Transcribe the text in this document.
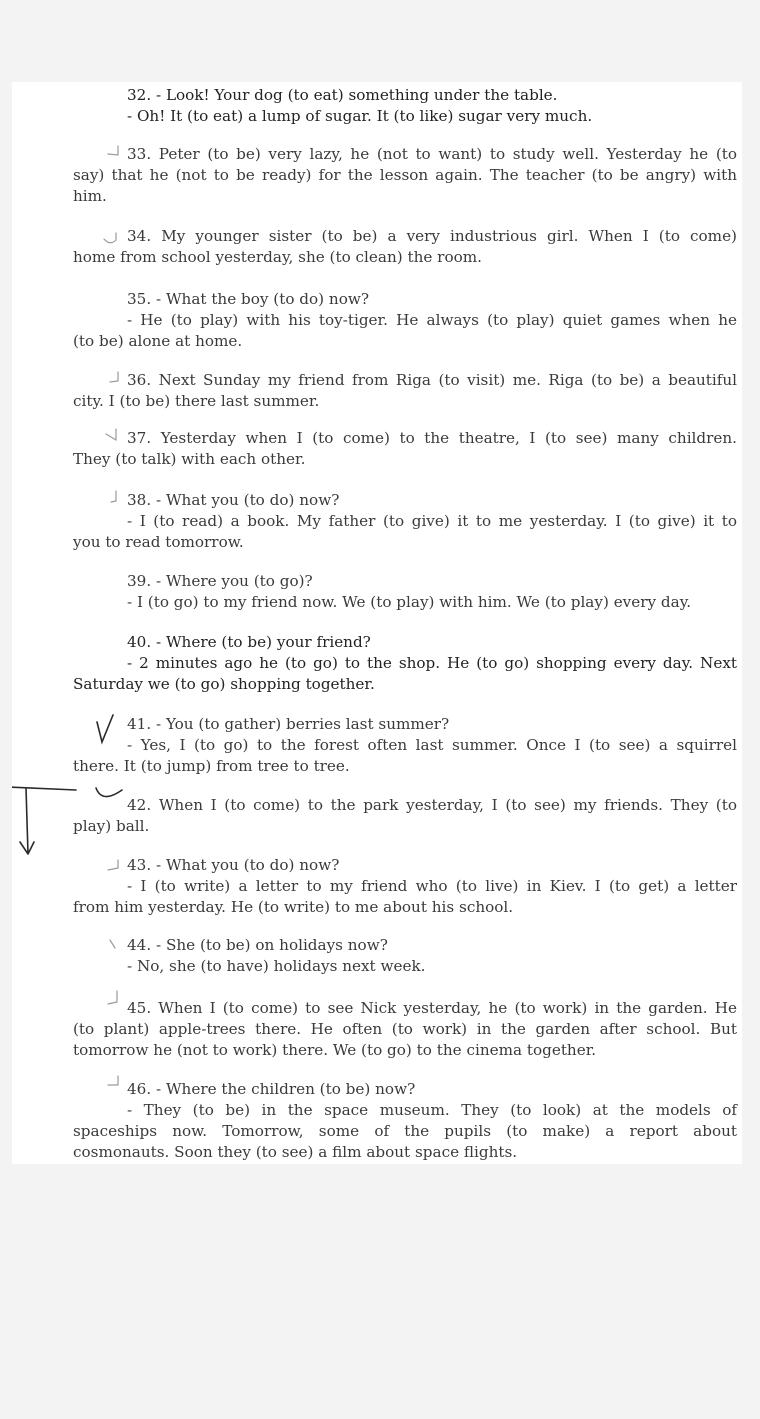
32. - Look! Your dog (to eat) something under the table.
- Oh! It (to eat) a lump of sugar. It (to like) sugar very much.
33. Peter (to be) very lazy, he (not to want) to study well. Yesterday he (to
say) that he (not to be ready) for the lesson again. The teacher (to be angry) with
him.
34. My younger sister (to be) a very industrious girl. When I (to come)
home from school yesterday, she (to clean) the room.
35. - What the boy (to do) now?
- He (to play) with his toy-tiger. He always (to play) quiet games when he
(to be) alone at home.
36. Next Sunday my friend from Riga (to visit) me. Riga (to be) a beautiful
city. I (to be) there last summer.
37. Yesterday when I (to come) to the theatre, I (to see) many children.
They (to talk) with each other.
38. - What you (to do) now?
- I (to read) a book. My father (to give) it to me yesterday. I (to give) it to
you to read tomorrow.
39. - Where you (to go)?
- I (to go) to my friend now. We (to play) with him. We (to play) every day.
40. - Where (to be) your friend?
- 2 minutes ago he (to go) to the shop. He (to go) shopping every day. Next
Saturday we (to go) shopping together.
41. - You (to gather) berries last summer?
- Yes, I (to go) to the forest often last summer. Once I (to see) a squirrel
there. It (to jump) from tree to tree.
42. When I (to come) to the park yesterday, I (to see) my friends. They (to
play) ball.
43. - What you (to do) now?
- I (to write) a letter to my friend who (to live) in Kiev. I (to get) a letter
from him yesterday. He (to write) to me about his school.
44. - She (to be) on holidays now?
- No, she (to have) holidays next week.
45. When I (to come) to see Nick yesterday, he (to work) in the garden. He
(to plant) apple-trees there. He often (to work) in the garden after school. But
tomorrow he (not to work) there. We (to go) to the cinema together.
46. - Where the children (to be) now?
- They (to be) in the space museum. They (to look) at the models of
spaceships now. Tomorrow, some of the pupils (to make) a report about
cosmonauts. Soon they (to see) a film about space flights.
